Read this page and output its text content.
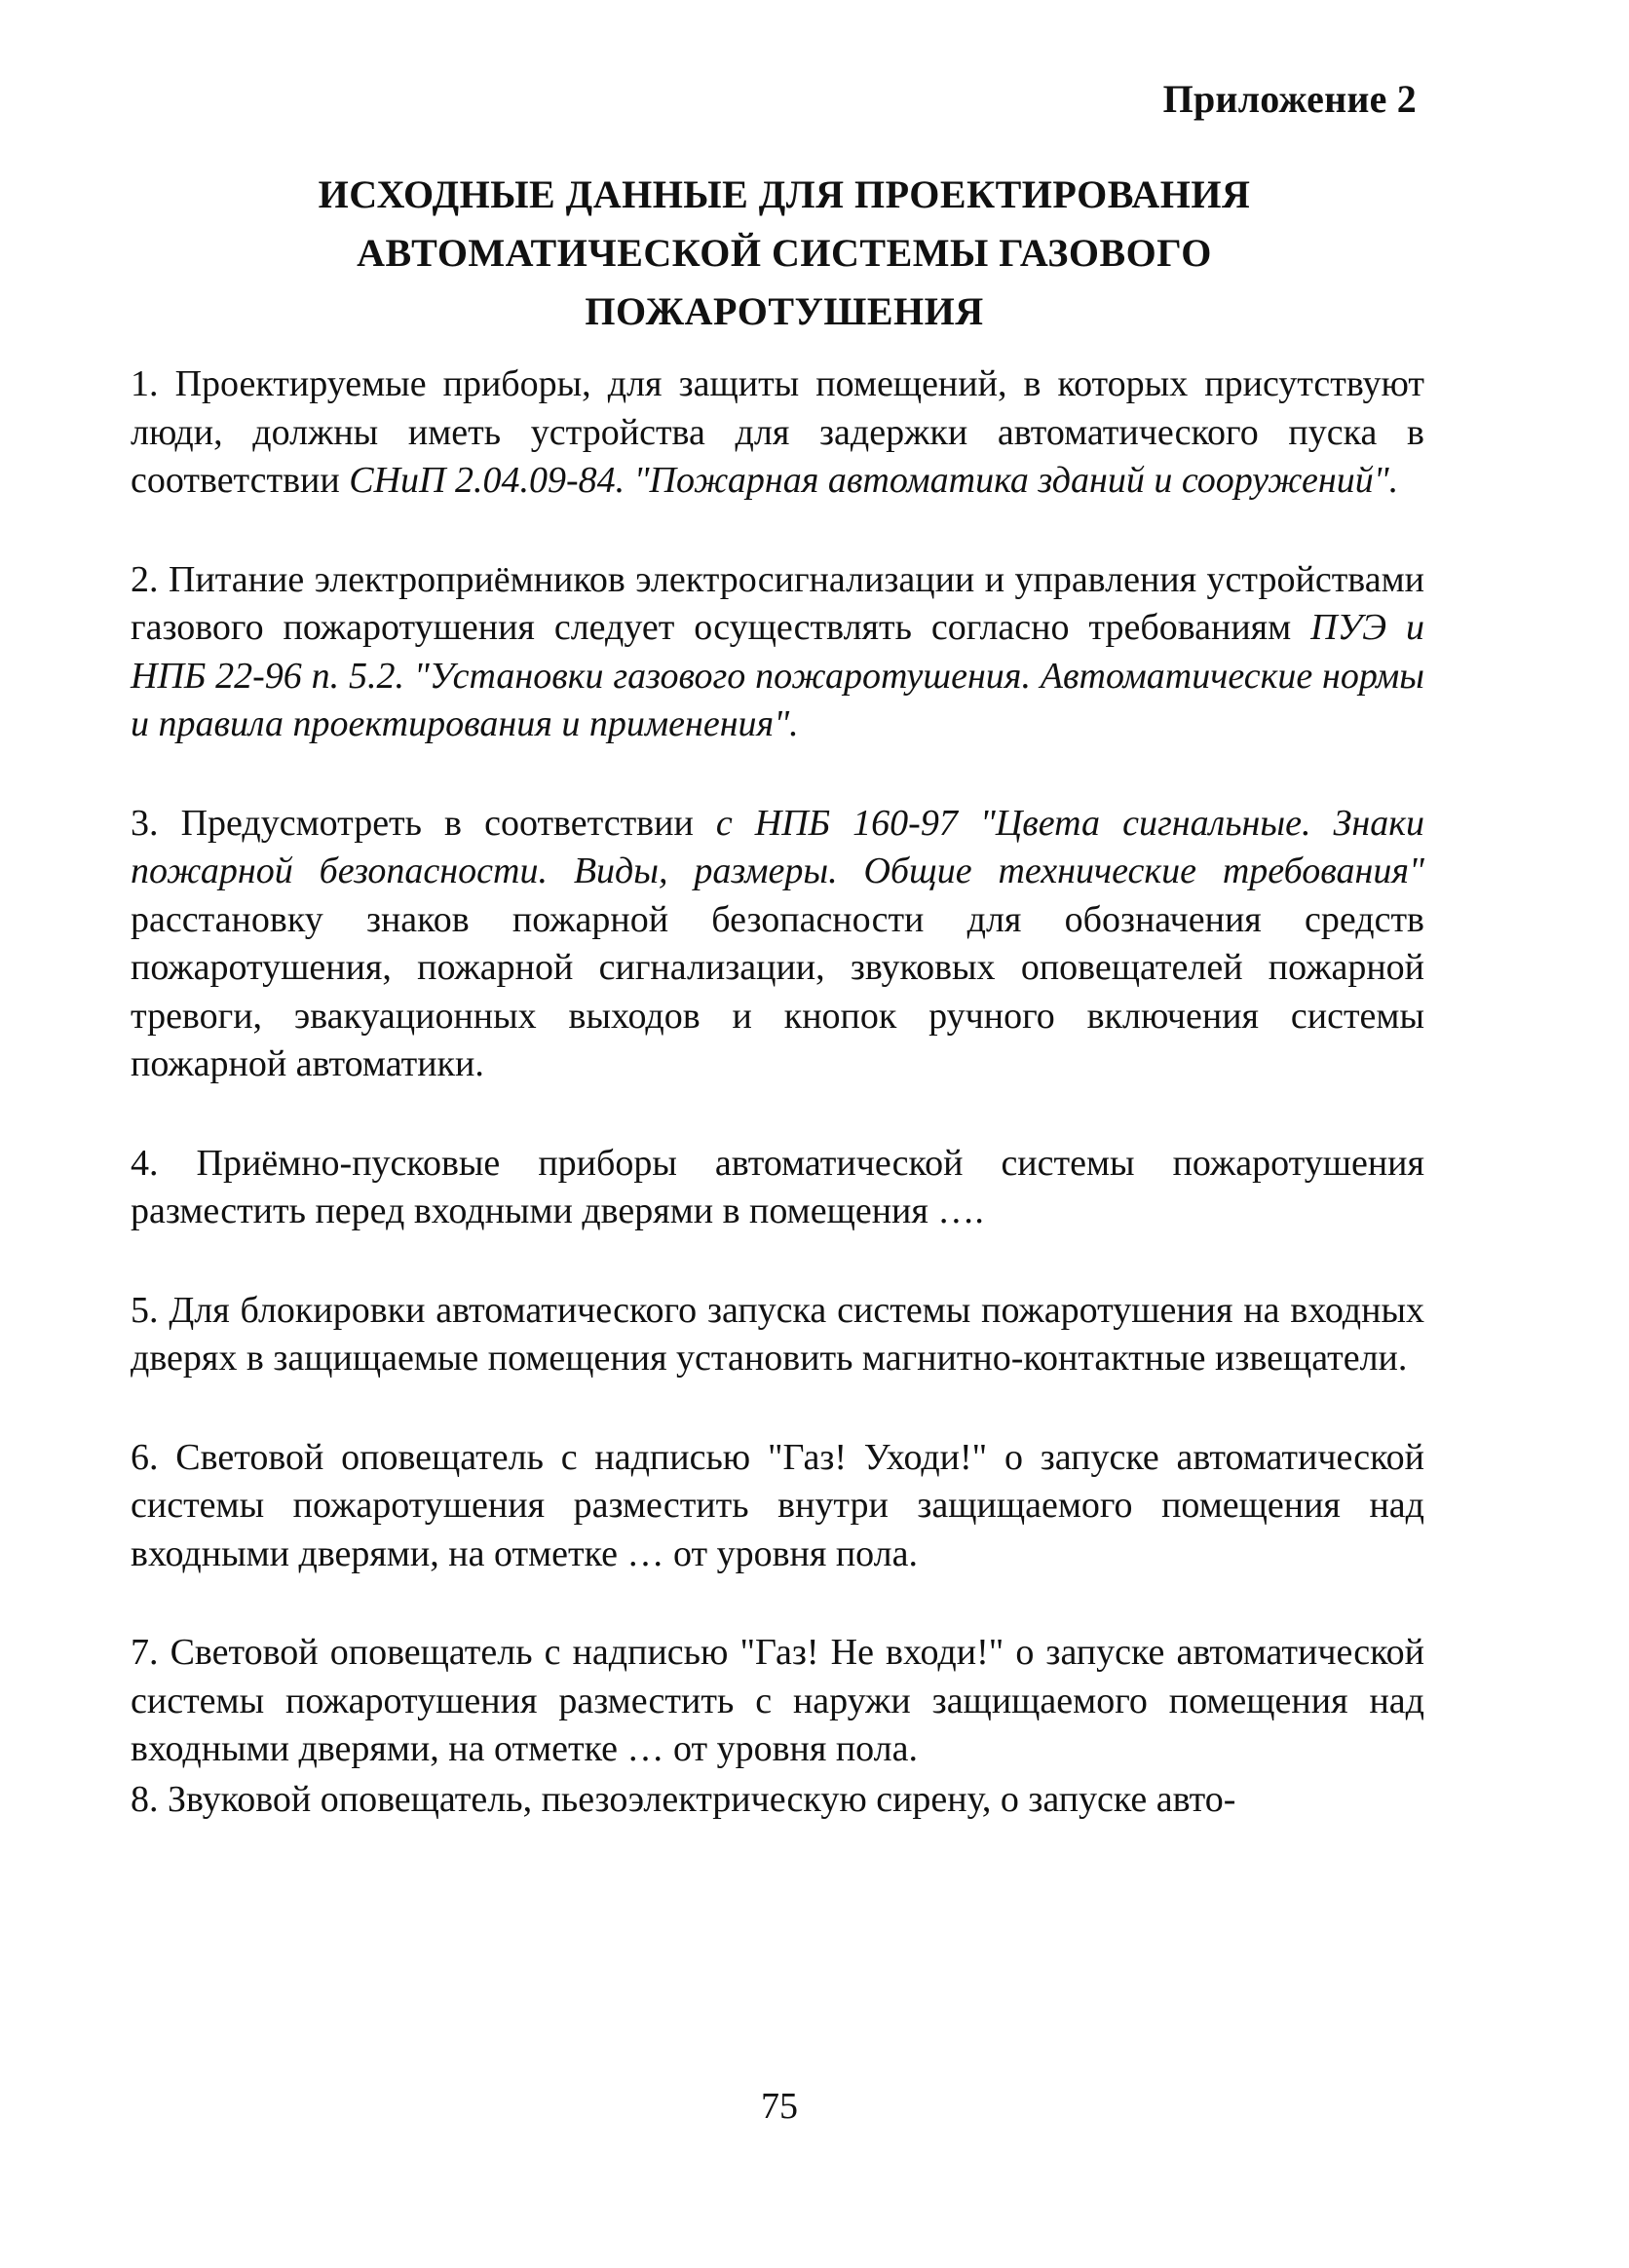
Приложение 2
ИСХОДНЫЕ ДАННЫЕ ДЛЯ ПРОЕКТИРОВАНИЯ
АВТОМАТИЧЕСКОЙ СИСТЕМЫ ГАЗОВОГО
ПОЖАРОТУШЕНИЯ

1. Проектируемые приборы, для защиты помещений, в которых присутствуют люди, должны иметь устройства для задержки автоматического пуска в соответствии СНиП 2.04.09-84. "Пожарная автоматика зданий и сооружений".

2. Питание электроприёмников электросигнализации и управления устройствами газового пожаротушения следует осуществлять согласно требованиям ПУЭ и НПБ 22-96 п. 5.2. "Установки газового пожаротушения. Автоматические нормы и правила проектирования и применения".

3. Предусмотреть в соответствии с НПБ 160-97 "Цвета сигнальные. Знаки пожарной безопасности. Виды, размеры. Общие технические требования" расстановку знаков пожарной безопасности для обозначения средств пожаротушения, пожарной сигнализации, звуковых оповещателей пожарной тревоги, эвакуационных выходов и кнопок ручного включения системы пожарной автоматики.

4. Приёмно-пусковые приборы автоматической системы пожаротушения разместить перед входными дверями в помещения ….

5. Для блокировки автоматического запуска системы пожаротушения на входных дверях в защищаемые помещения установить магнитно-контактные извещатели.

6. Световой оповещатель с надписью "Газ! Уходи!" о запуске автоматической системы пожаротушения разместить внутри защищаемого помещения над входными дверями, на отметке … от уровня пола.

7. Световой оповещатель с надписью "Газ! Не входи!" о запуске автоматической системы пожаротушения разместить с наружи защищаемого помещения над входными дверями, на отметке … от уровня пола.

8. Звуковой оповещатель, пьезоэлектрическую сирену, о запуске авто-

75
